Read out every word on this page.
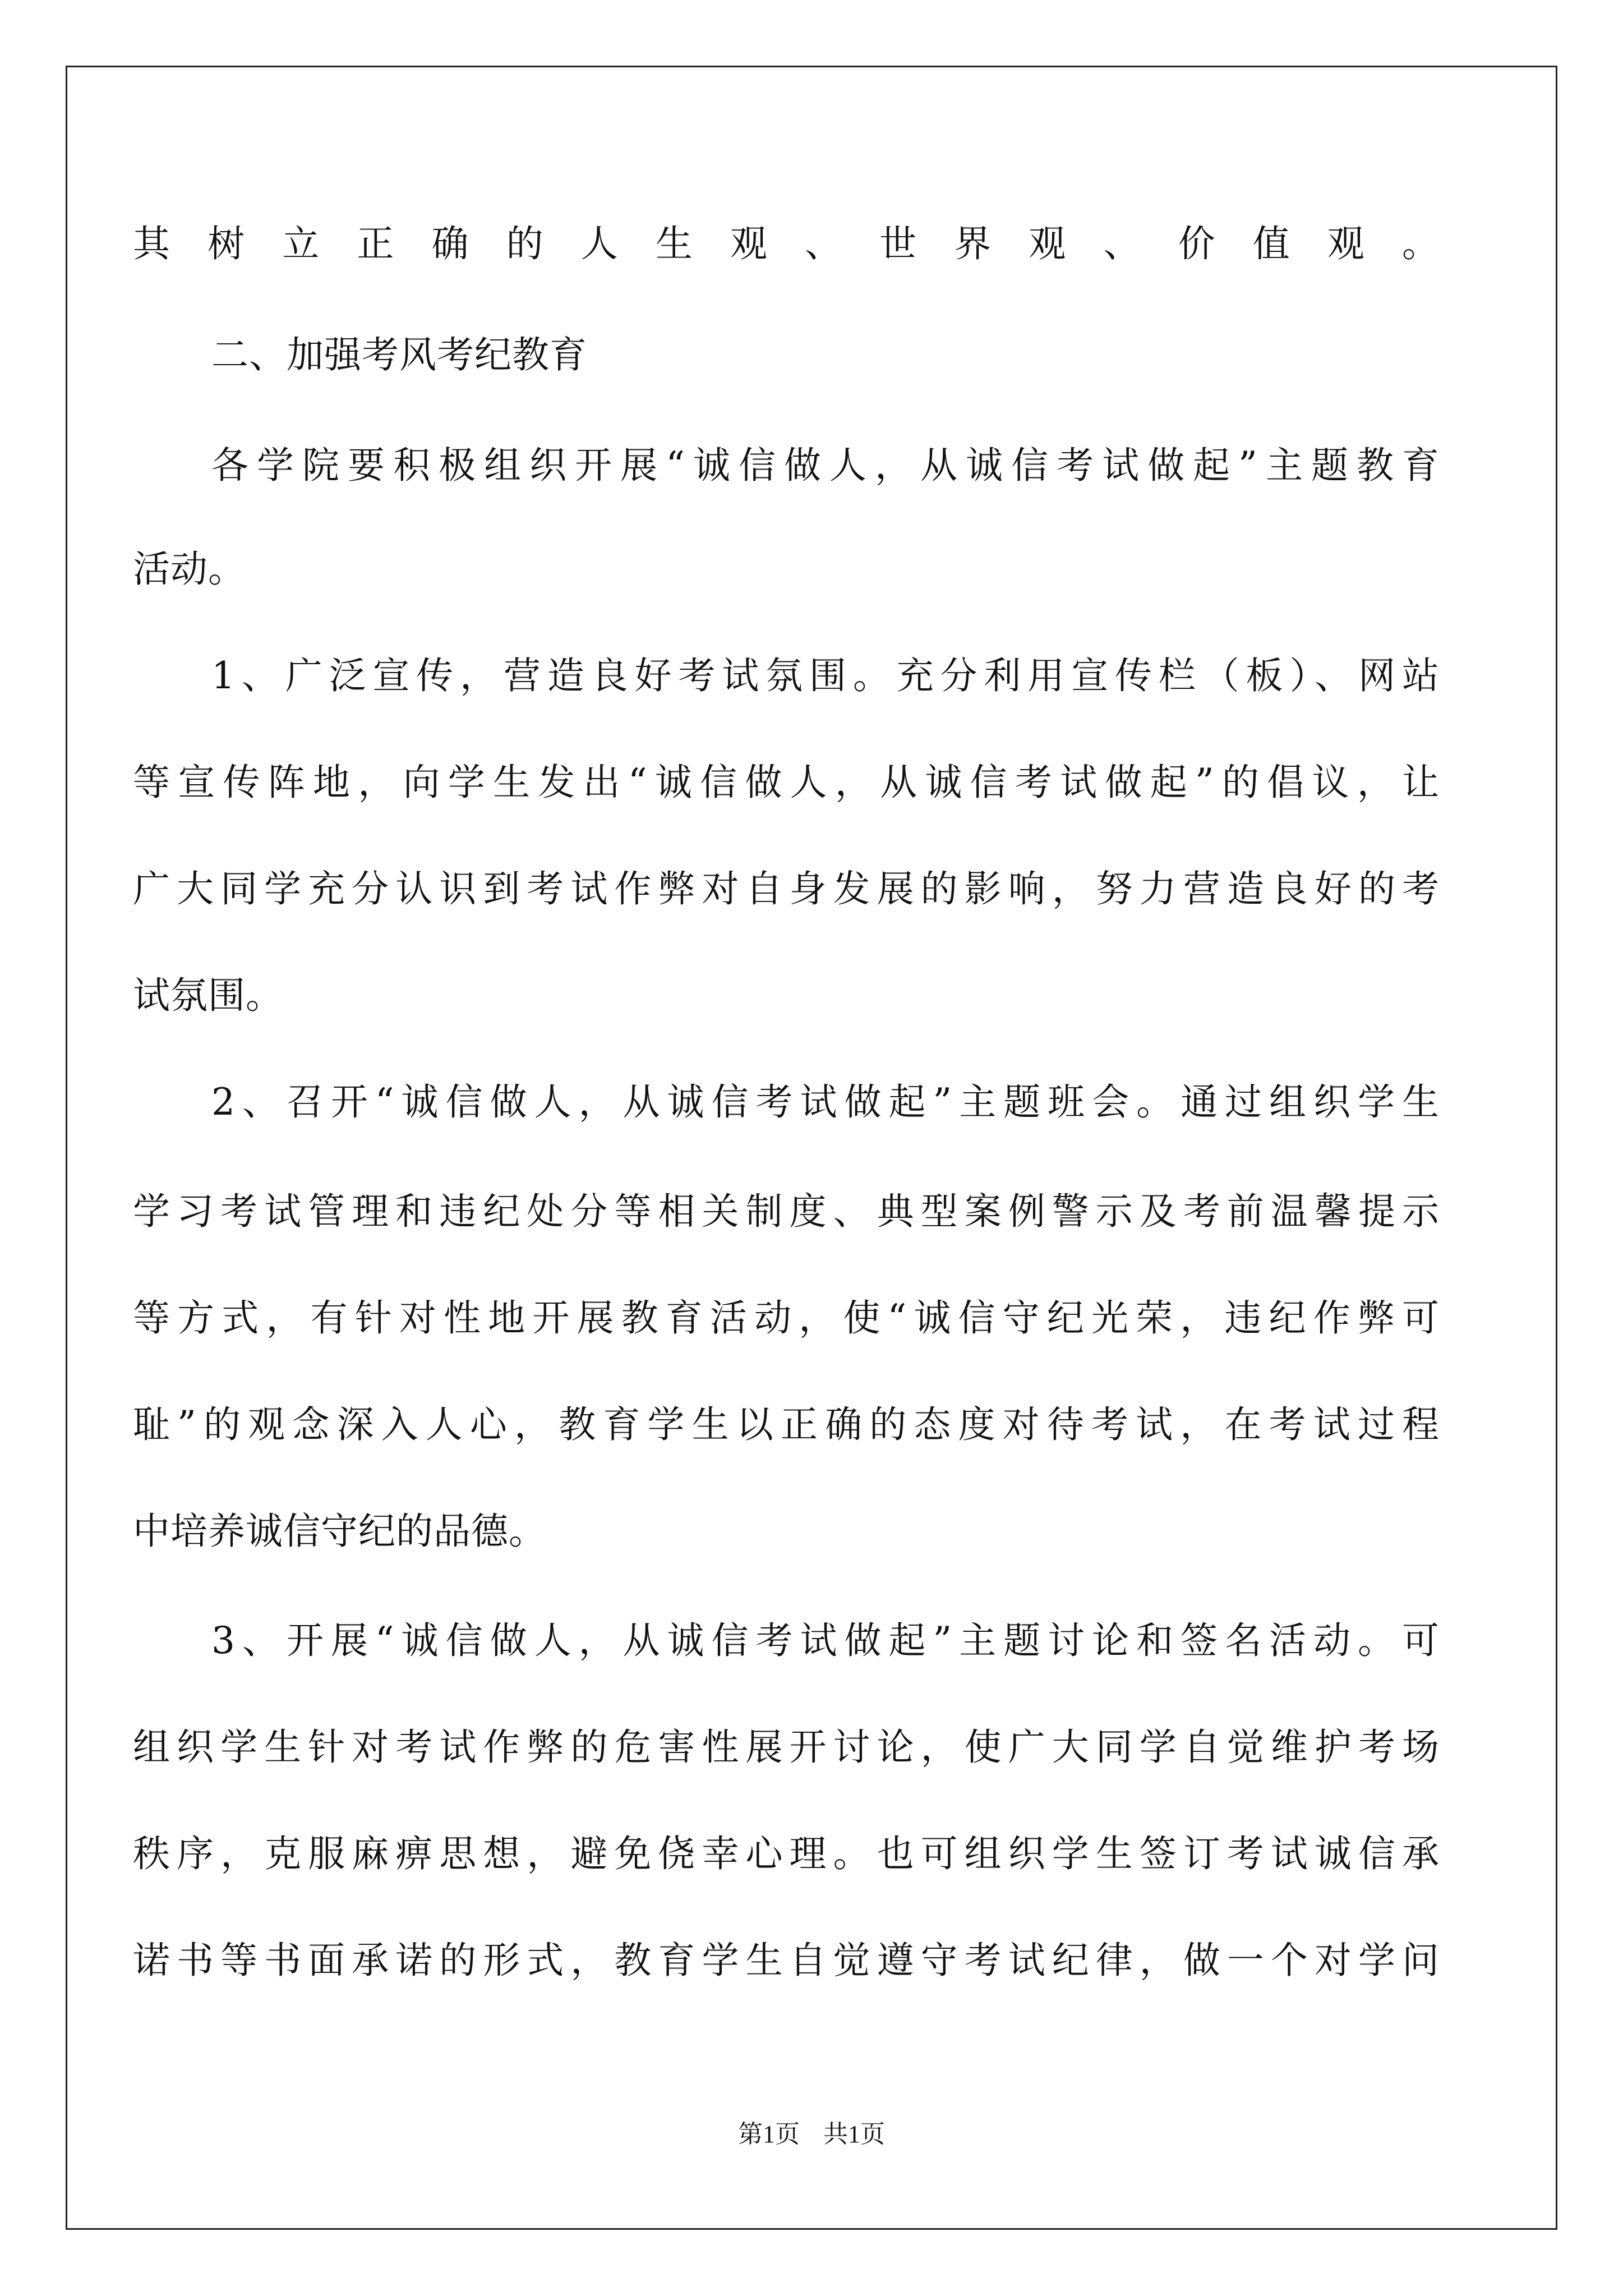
其树立正确的人生观、世界观、价值观。
二、加强考风考纪教育
各学院要积极组织开展“诚信做人，从诚信考试做起”主题教育
活动。
1、广泛宣传，营造良好考试氛围。充分利用宣传栏（板）、网站
等宣传阵地，向学生发出“诚信做人，从诚信考试做起”的倡议，让
广大同学充分认识到考试作弊对自身发展的影响，努力营造良好的考
试氛围。
2、召开“诚信做人，从诚信考试做起”主题班会。通过组织学生
学习考试管理和违纪处分等相关制度、典型案例警示及考前温馨提示
等方式，有针对性地开展教育活动，使“诚信守纪光荣，违纪作弊可
耻”的观念深入人心，教育学生以正确的态度对待考试，在考试过程
中培养诚信守纪的品德。
3、开展“诚信做人，从诚信考试做起”主题讨论和签名活动。可
组织学生针对考试作弊的危害性展开讨论，使广大同学自觉维护考场
秩序，克服麻痹思想，避免侥幸心理。也可组织学生签订考试诚信承
诺书等书面承诺的形式，教育学生自觉遵守考试纪律，做一个对学问
第1页 共1页
